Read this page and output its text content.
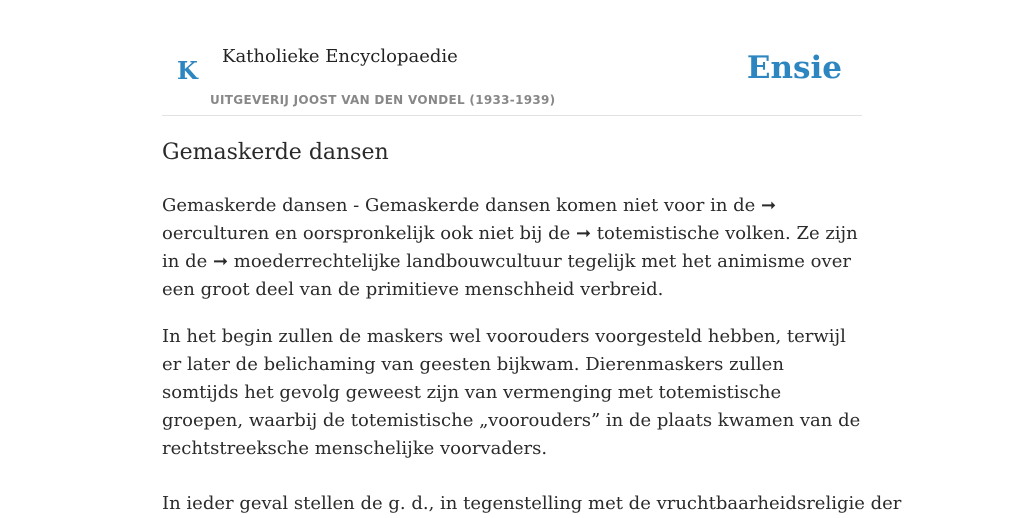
K Katholieke Encyclopaedie
UITGEVERIJ JOOST VAN DEN VONDEL (1933-1939)
Ensie
Gemaskerde dansen

Gemaskerde dansen - Gemaskerde dansen komen niet voor in de ➞ oerculturen en oorspronkelijk ook niet bij de ➞ totemistische volken. Ze zijn in de ➞ moederrechtelijke landbouwcultuur tegelijk met het animisme over een groot deel van de primitieve menschheid verbreid.

In het begin zullen de maskers wel voorouders voorgesteld hebben, terwijl er later de belichaming van geesten bijkwam. Dierenmaskers zullen somtijds het gevolg geweest zijn van vermenging met totemistische groepen, waarbij de totemistische „voorouders” in de plaats kwamen van de rechtstreeksche menschelijke voorvaders.

In ieder geval stellen de g. d., in tegenstelling met de vruchtbaarheidsreligie der
